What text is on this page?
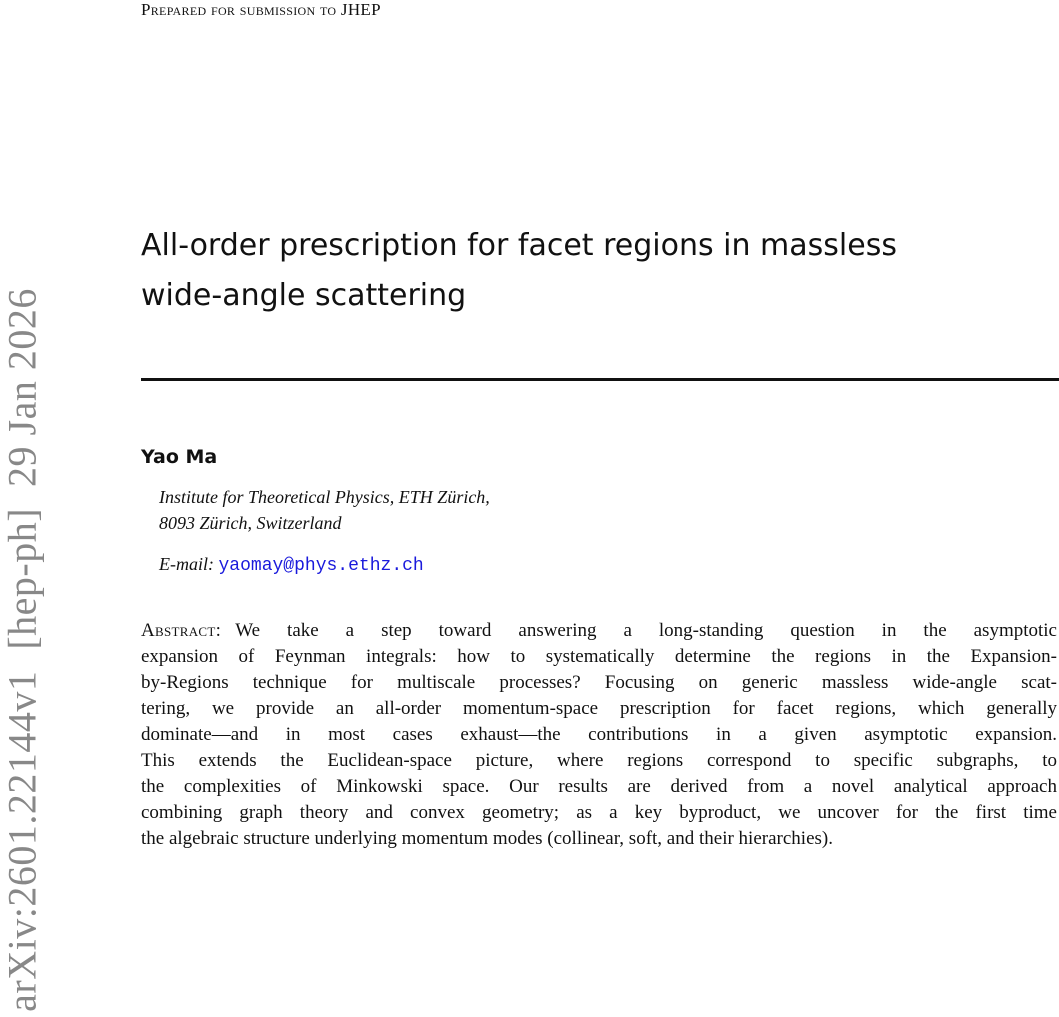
Prepared for submission to JHEP
All-order prescription for facet regions in massless
wide-angle scattering
Yao Ma
Institute for Theoretical Physics, ETH Zürich,
8093 Zürich, Switzerland
E-mail: yaomay@phys.ethz.ch
Abstract: We take a step toward answering a long-standing question in the asymptotic
expansion of Feynman integrals: how to systematically determine the regions in the Expansion-
by-Regions technique for multiscale processes? Focusing on generic massless wide-angle scat-
tering, we provide an all-order momentum-space prescription for facet regions, which generally
dominate—and in most cases exhaust—the contributions in a given asymptotic expansion.
This extends the Euclidean-space picture, where regions correspond to specific subgraphs, to
the complexities of Minkowski space. Our results are derived from a novel analytical approach
combining graph theory and convex geometry; as a key byproduct, we uncover for the first time
the algebraic structure underlying momentum modes (collinear, soft, and their hierarchies).
arXiv:2601.22144v1  [hep-ph]  29 Jan 2026
